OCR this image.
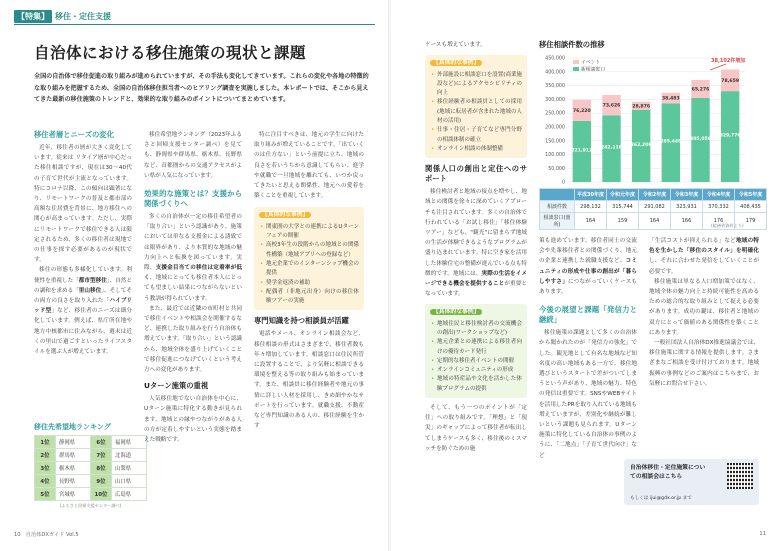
【特集】 移住・定住支援
自治体における移住施策の現状と課題
全国の自治体で移住促進の取り組みが進められていますが、その手法も変化してきています。これらの変化や各地の特徴的な取り組みを把握するため、全国の自治体移住担当者へのヒアリング調査を実施しました。本レポートでは、そこから見えてきた最新の移住施策のトレンドと、効果的な取り組みのポイントについてまとめています。
移住者層とニーズの変化
近年、移住者の層が大きく変化しています。従来は リタイア層が中心だった移住相談ですが、現在は30〜40代の子育て世代が主流となっています。特にコロナ以降、この傾向は顕著になり、リモートワークの普及と都市部の高額な住居費を背景に、地方移住への関心が高まっています。ただし、実際にリモートワークで移住できる人は限定されるため、多くの移住者は現地での仕事を探す必要があるのが現状です。
移住の形態も多様化しています。利便性を重視した「都市型移住」、自然との調和を求める「里山移住」、そしてその両方の良さを取り入れた「ハイブリッド型」など、移住者のニーズは細分化しています。例えば、県庁所在地や地方中核都市に住みながら、週末は近くの里山で過ごすといったライフスタイルを選ぶ人が増えています。
移住先希望地ランキング
1位	静岡県	6位	福岡県
2位	群馬県	7位	北海道
3位	栃木県	8位	山梨県
4位	長野県	9位	山口県
5位	宮城県	10位	広島県
(ふるさと回帰支援センター調べ)
移住希望地ランキング（2023年ふるさと回帰支援センター調べ）を見ても、静岡県や群馬県、栃木県、長野県など、首都圏からの交通アクセスがよい県が人気になっています。
効果的な施策とは？支援から関係づくりへ
多くの自治体が一定の移住希望者の「取り合い」という認識があり、施策においては単なる支援金による誘致では限界があり、より本質的な地域の魅力向上へと転換を図っています。実際、支援金目当ての移住は定着率が低く、地域にとっても移住者本人にとっても望ましい結果につながらないという教訓が得られています。
また、最近では近隣の市町村と共同で移住イベントや相談会を開催するなど、連携した取り組みを行う自治体も増えています。「取り合い」という認識から、地域全体を盛り上げていくことで移住促進につなげていくという考え方への変化があります。
Uターン施策の重視
人気移住地でない自治体を中心に、Uターン施策に特化する動きが見られます。地域との縁やつながりがある人の方が定着しやすいという実態を踏まえた戦略です。
特に注目すべきは、地元の学生に向けた取り組みが増えていることです。「出ていくのは仕方ない」という前提に立ち、地域の良さを若いうちから意識してもらい、進学や就職で一旦地域を離れても、いつか戻ってきたいと思える関係性、地元への愛着を築くことを重視しています。
【具体的な事例】
• 関東圏の大学との連携によるUターンフェアの開催
• 高校3年生の段階からの地域との関係性構築（地域アプリへの登録など）
• 地元企業でのインターンシップ機会の提供
• 奨学金返済の補助
• 配偶者（非地元出身）向けの移住体験ツアーの実施
専門知識を持つ相談員が活躍
電話やメール、オンライン相談会など、移住相談の形式はさまざまで、移住者数も年々増加しています。相談窓口は住民所管に設置することで、より気軽に相談できる環境を整える等の取り組みも始まっています。また、相談員に移住経験者や地元の事情に詳しい人材を採用し、きめ細やかなサポートを行っています。就職支援、不動産など専門知識のある人の、移住経験を生かす
10　自治体DXガイド Vol.5
ケースも増えています。
【具体的な事例】
• 外部施設に相談窓口を設置(商業施設など)によるアクセシビリティの向上
• 移住経験者の相談員としての採用(地域に転居者が含まれた地域の人材の活用)
• 仕事・住居・子育てなど専門分野の相談体制の確立
• オンライン相談の体制整備
関係人口の創出と定住へのサポート
移住検討者と地域の接点を増やし、地域との関係を徐々に深めていくアプローチも注目されています。多くの自治体で行われている「お試し移住」「移住体験ツアー」なども、"観光"に留まらず地域の生活が体験できるようなプログラムが盛り込まれています。特に空き家を活用した体験住宅の整備が進んでいる点も特徴的です。地域には、実際の生活をイメージできる機会を提供することが重要となっています。
【具体的な事例】
• 地域住民と移住検討者の交流機会の創出(ワークショップなど)
• 地元企業との連携による移住者向けの優待カード発行
• 定期的な移住者イベントの開催
• オンラインコミュニティの形成
• 地域の特産品や文化を活かした体験プログラムの提供
そして、もう一つのポイントが「定住」への取り組みです。「理想」と「現実」のギャップによって移住者が転出してしまうケースも多く、移住後のミスマッチを防ぐための施
移住相談件数の推移
0
50,000
100,000
150,000
200,000
250,000
300,000
350,000
400,000
450,000
221,912
76,220
242,118
73,626
262,206
28,876
285,448
38,483
305,056
65,276
329,776
78,659
イベント
新相談窓口
38,102件増加
	平成30年度	令和元年度	令和2年度	令和3年度	令和4年度	令和5年度
相談件数	298,132	315,744	291,082	323,931	370,332	408,435
相談窓口(箇所)	164	159	164	166	176	179
(総務省資料より)
策も進めています。移住者同士の交流会や先輩移住者との関係づくり、地元の企業と連携した就職支援など、コミュニティの形成や仕事の創出が「暮らしやすさ」につながっていくケースもあります。
今後の展望と課題「発信力と継続」
移住施策の課題として多くの自治体から聞かれたのが「発信力の強化」でした。観光地として有名な地域など知名度の高い地域もある一方で、移住地選びというスタートで差がついてしまうという声があり、地域の魅力、特色の発信は重要です。SNSやWEBサイトを活用したPRを取り入れている地域も増えていますが、差別化や継続が難しいという課題も見られます。Uターン施策に特化している自治体の事例のように、「二地点」「子育て世代向け」など
「生活コストが抑えられる」など地域の特色を生かした「移住のスタイル」を明確化し、それに合わせた発信をしていくことが必要です。
移住施策は単なる人口増加策ではなく、地域全体の魅力向上と持続可能性を高めるための総合的な取り組みとして捉える必要があります。成功の鍵は、移住者と地域の双方にとって価値のある関係性を築くことにあります。
一般社団法人自治体DX推進協議会では、移住施策に関する情報を提供します。さまざまなご相談を受け付けております。地域振興の事例などのご案内はこちらまで、お気軽にお問合せ下さい。
自治体移住・定住施策についての相談会はこちら
もしくは ijui@gdx.or.jp まで
11
